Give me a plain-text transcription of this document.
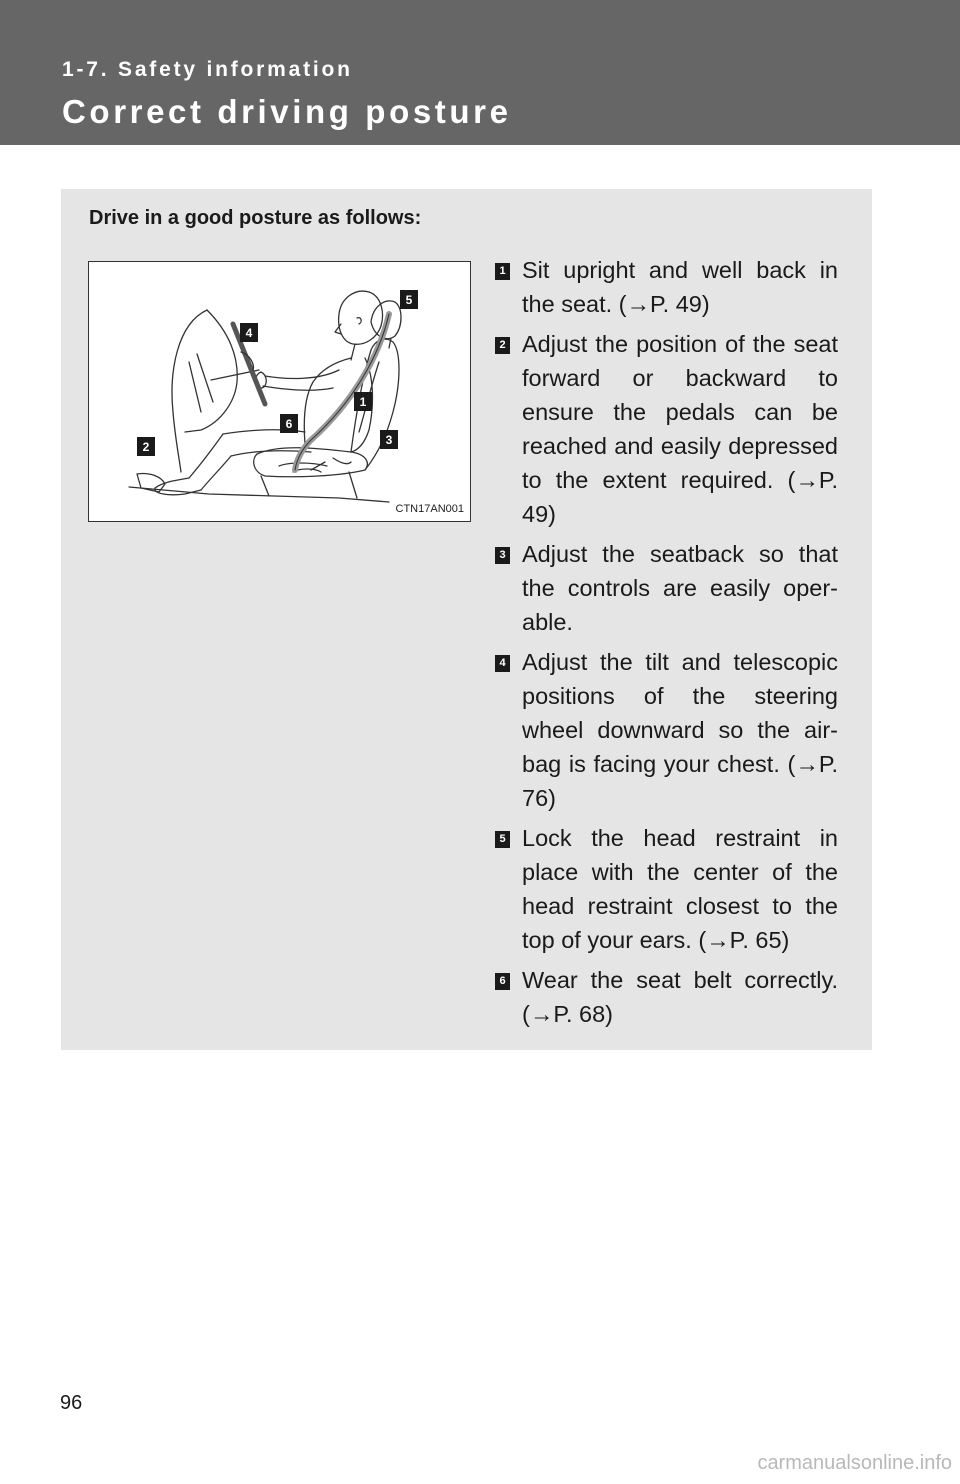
1-7. Safety information
Correct driving posture
Drive in a good posture as follows:
5
4
1
6
3
2
CTN17AN001
1 Sit upright and well back in the seat. (→P. 49)
2 Adjust the position of the seat forward or backward to ensure the pedals can be reached and easily depressed to the extent required. (→P. 49)
3 Adjust the seatback so that the controls are easily oper-able.
4 Adjust the tilt and telescopic positions of the steering wheel downward so the air-bag is facing your chest. (→P. 76)
5 Lock the head restraint in place with the center of the head restraint closest to the top of your ears. (→P. 65)
6 Wear the seat belt correctly. (→P. 68)
96
carmanualsonline.info
